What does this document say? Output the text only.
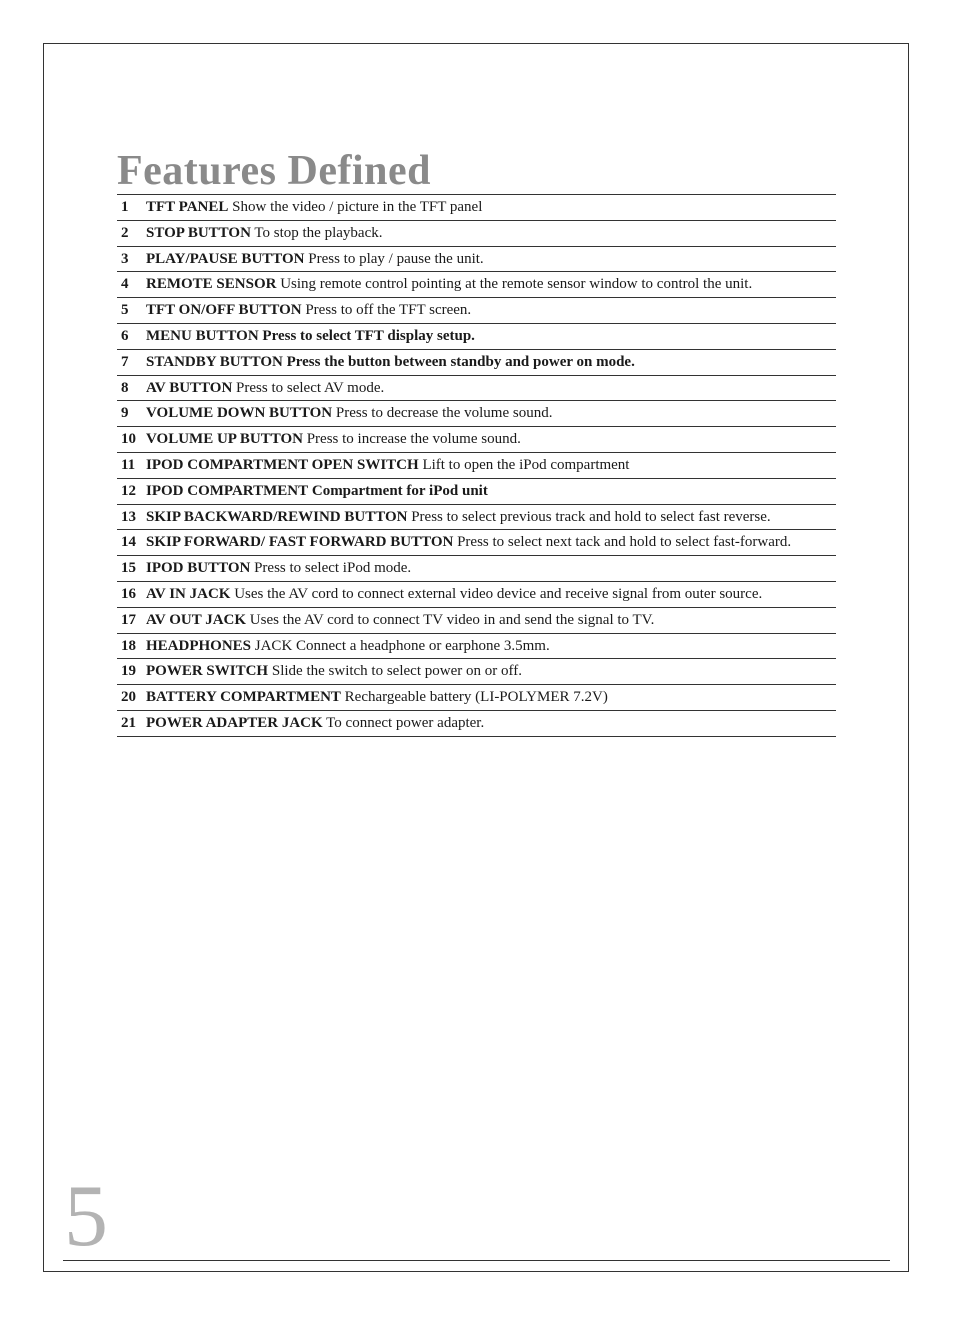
Features Defined
1	TFT PANEL Show the video / picture in the TFT panel
2	STOP BUTTON To stop the playback.
3	PLAY/PAUSE BUTTON Press to play / pause the unit.
4	REMOTE SENSOR Using remote control pointing at the remote sensor window to control the unit.
5	TFT ON/OFF BUTTON Press to off the TFT screen.
6	MENU BUTTON Press to select TFT display setup.
7	STANDBY BUTTON Press the button between standby and power on mode.
8	AV BUTTON Press to select AV mode.
9	VOLUME DOWN BUTTON Press to decrease the volume sound.
10 VOLUME UP BUTTON Press to increase the volume sound.
11 IPOD COMPARTMENT OPEN SWITCH Lift to open the iPod compartment
12 IPOD COMPARTMENT Compartment for iPod unit
13 SKIP BACKWARD/REWIND BUTTON Press to select previous track and hold to select fast reverse.
14 SKIP FORWARD/ FAST FORWARD BUTTON Press to select next tack and hold to select fast-forward.
15 IPOD BUTTON Press to select iPod mode.
16 AV IN JACK Uses the AV cord to connect external video device and receive signal from outer source.
17 AV OUT JACK Uses the AV cord to connect TV video in and send the signal to TV.
18 HEADPHONES JACK Connect a headphone or earphone 3.5mm.
19 POWER SWITCH Slide the switch to select power on or off.
20 BATTERY COMPARTMENT Rechargeable battery (LI-POLYMER 7.2V)
21 POWER ADAPTER JACK To connect power adapter.
5
